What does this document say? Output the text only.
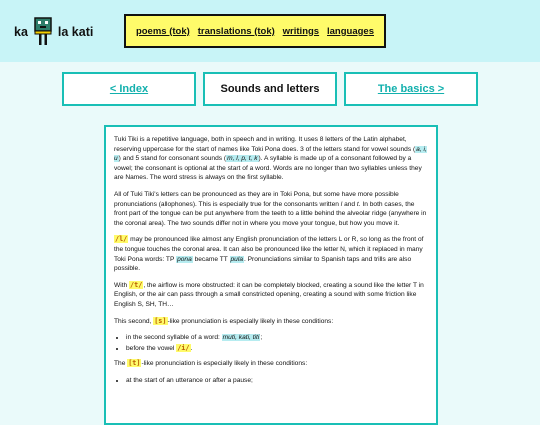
ka la kati	poems (tok) translations (tok) writings languages
< Index	Sounds and letters	The basics >

Tuki Tiki is a repetitive language, both in speech and in writing. It uses 8 letters of the Latin alphabet, reserving uppercase for the start of names like Toki Pona does. 3 of the letters stand for vowel sounds (a, i, u) and 5 stand for consonant sounds (m, l, p, t, k). A syllable is made up of a consonant followed by a vowel; the consonant is optional at the start of a word. Words are no longer than two syllables unless they are Names. The word stress is always on the first syllable.

All of Tuki Tiki's letters can be pronounced as they are in Toki Pona, but some have more possible pronunciations (allophones). This is especially true for the consonants written l and t. In both cases, the front part of the tongue can be put anywhere from the teeth to a little behind the alveolar ridge (anywhere in the coronal area). The two sounds differ not in where you move your tongue, but how you move it.

/l/ may be pronounced like almost any English pronunciation of the letters L or R, so long as the front of the tongue touches the coronal area. It can also be pronounced like the letter N, which it replaced in many Toki Pona words: TP pona became TT pula. Pronunciations similar to Spanish taps and trills are also possible.

With /t/, the airflow is more obstructed: it can be completely blocked, creating a sound like the letter T in English, or the air can pass through a small constricted opening, creating a sound with some friction like English S, SH, TH…

This second, [s]-like pronunciation is especially likely in these conditions:

• in the second syllable of a word: muti, kati, titi;
• before the vowel /i/.

The [t]-like pronunciation is especially likely in these conditions:

• at the start of an utterance or after a pause;
